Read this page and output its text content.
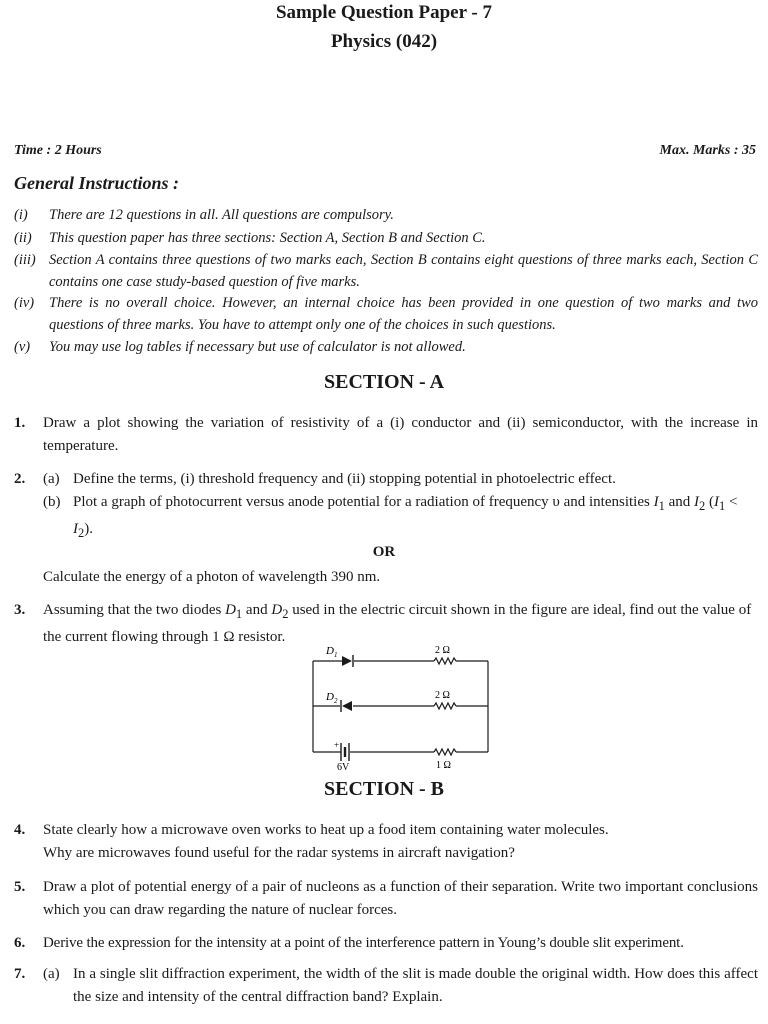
Sample Question Paper - 7
Physics (042)
Time : 2 Hours	Max. Marks : 35
General Instructions :
(i) There are 12 questions in all. All questions are compulsory.
(ii) This question paper has three sections: Section A, Section B and Section C.
(iii) Section A contains three questions of two marks each, Section B contains eight questions of three marks each, Section C contains one case study-based question of five marks.
(iv) There is no overall choice. However, an internal choice has been provided in one question of two marks and two questions of three marks. You have to attempt only one of the choices in such questions.
(v) You may use log tables if necessary but use of calculator is not allowed.
SECTION - A
1. Draw a plot showing the variation of resistivity of a (i) conductor and (ii) semiconductor, with the increase in temperature.
2. (a) Define the terms, (i) threshold frequency and (ii) stopping potential in photoelectric effect.
(b) Plot a graph of photocurrent versus anode potential for a radiation of frequency υ and intensities $I_1$ and $I_2$ $(I_1 < I_2)$.
OR
Calculate the energy of a photon of wavelength 390 nm.
3. Assuming that the two diodes $D_1$ and $D_2$ used in the electric circuit shown in the figure are ideal, find out the value of the current flowing through 1 Ω resistor.
$D_1$
$D_2$
2 Ω
2 Ω
1 Ω
6V
+
SECTION - B
4. State clearly how a microwave oven works to heat up a food item containing water molecules.
Why are microwaves found useful for the radar systems in aircraft navigation?
5. Draw a plot of potential energy of a pair of nucleons as a function of their separation. Write two important conclusions which you can draw regarding the nature of nuclear forces.
6. Derive the expression for the intensity at a point of the interference pattern in Young’s double slit experiment.
7. (a) In a single slit diffraction experiment, the width of the slit is made double the original width. How does this affect the size and intensity of the central diffraction band? Explain.
